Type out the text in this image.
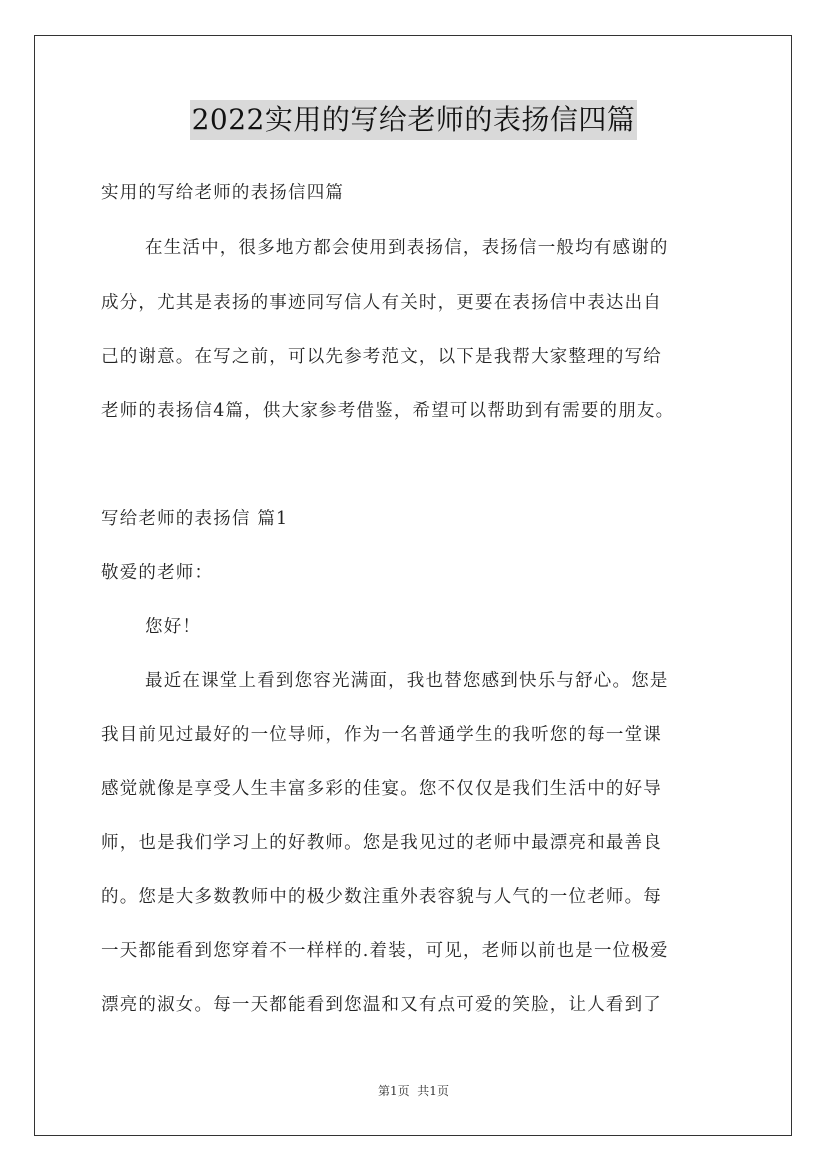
2022实用的写给老师的表扬信四篇
实用的写给老师的表扬信四篇
在生活中，很多地方都会使用到表扬信，表扬信一般均有感谢的
成分，尤其是表扬的事迹同写信人有关时，更要在表扬信中表达出自
己的谢意。在写之前，可以先参考范文，以下是我帮大家整理的写给
老师的表扬信4篇，供大家参考借鉴，希望可以帮助到有需要的朋友。
写给老师的表扬信 篇1
敬爱的老师：
您好！
最近在课堂上看到您容光满面，我也替您感到快乐与舒心。您是
我目前见过最好的一位导师，作为一名普通学生的我听您的每一堂课
感觉就像是享受人生丰富多彩的佳宴。您不仅仅是我们生活中的好导
师，也是我们学习上的好教师。您是我见过的老师中最漂亮和最善良
的。您是大多数教师中的极少数注重外表容貌与人气的一位老师。每
一天都能看到您穿着不一样样的.着装，可见，老师以前也是一位极爱
漂亮的淑女。每一天都能看到您温和又有点可爱的笑脸，让人看到了
第1页  共1页
